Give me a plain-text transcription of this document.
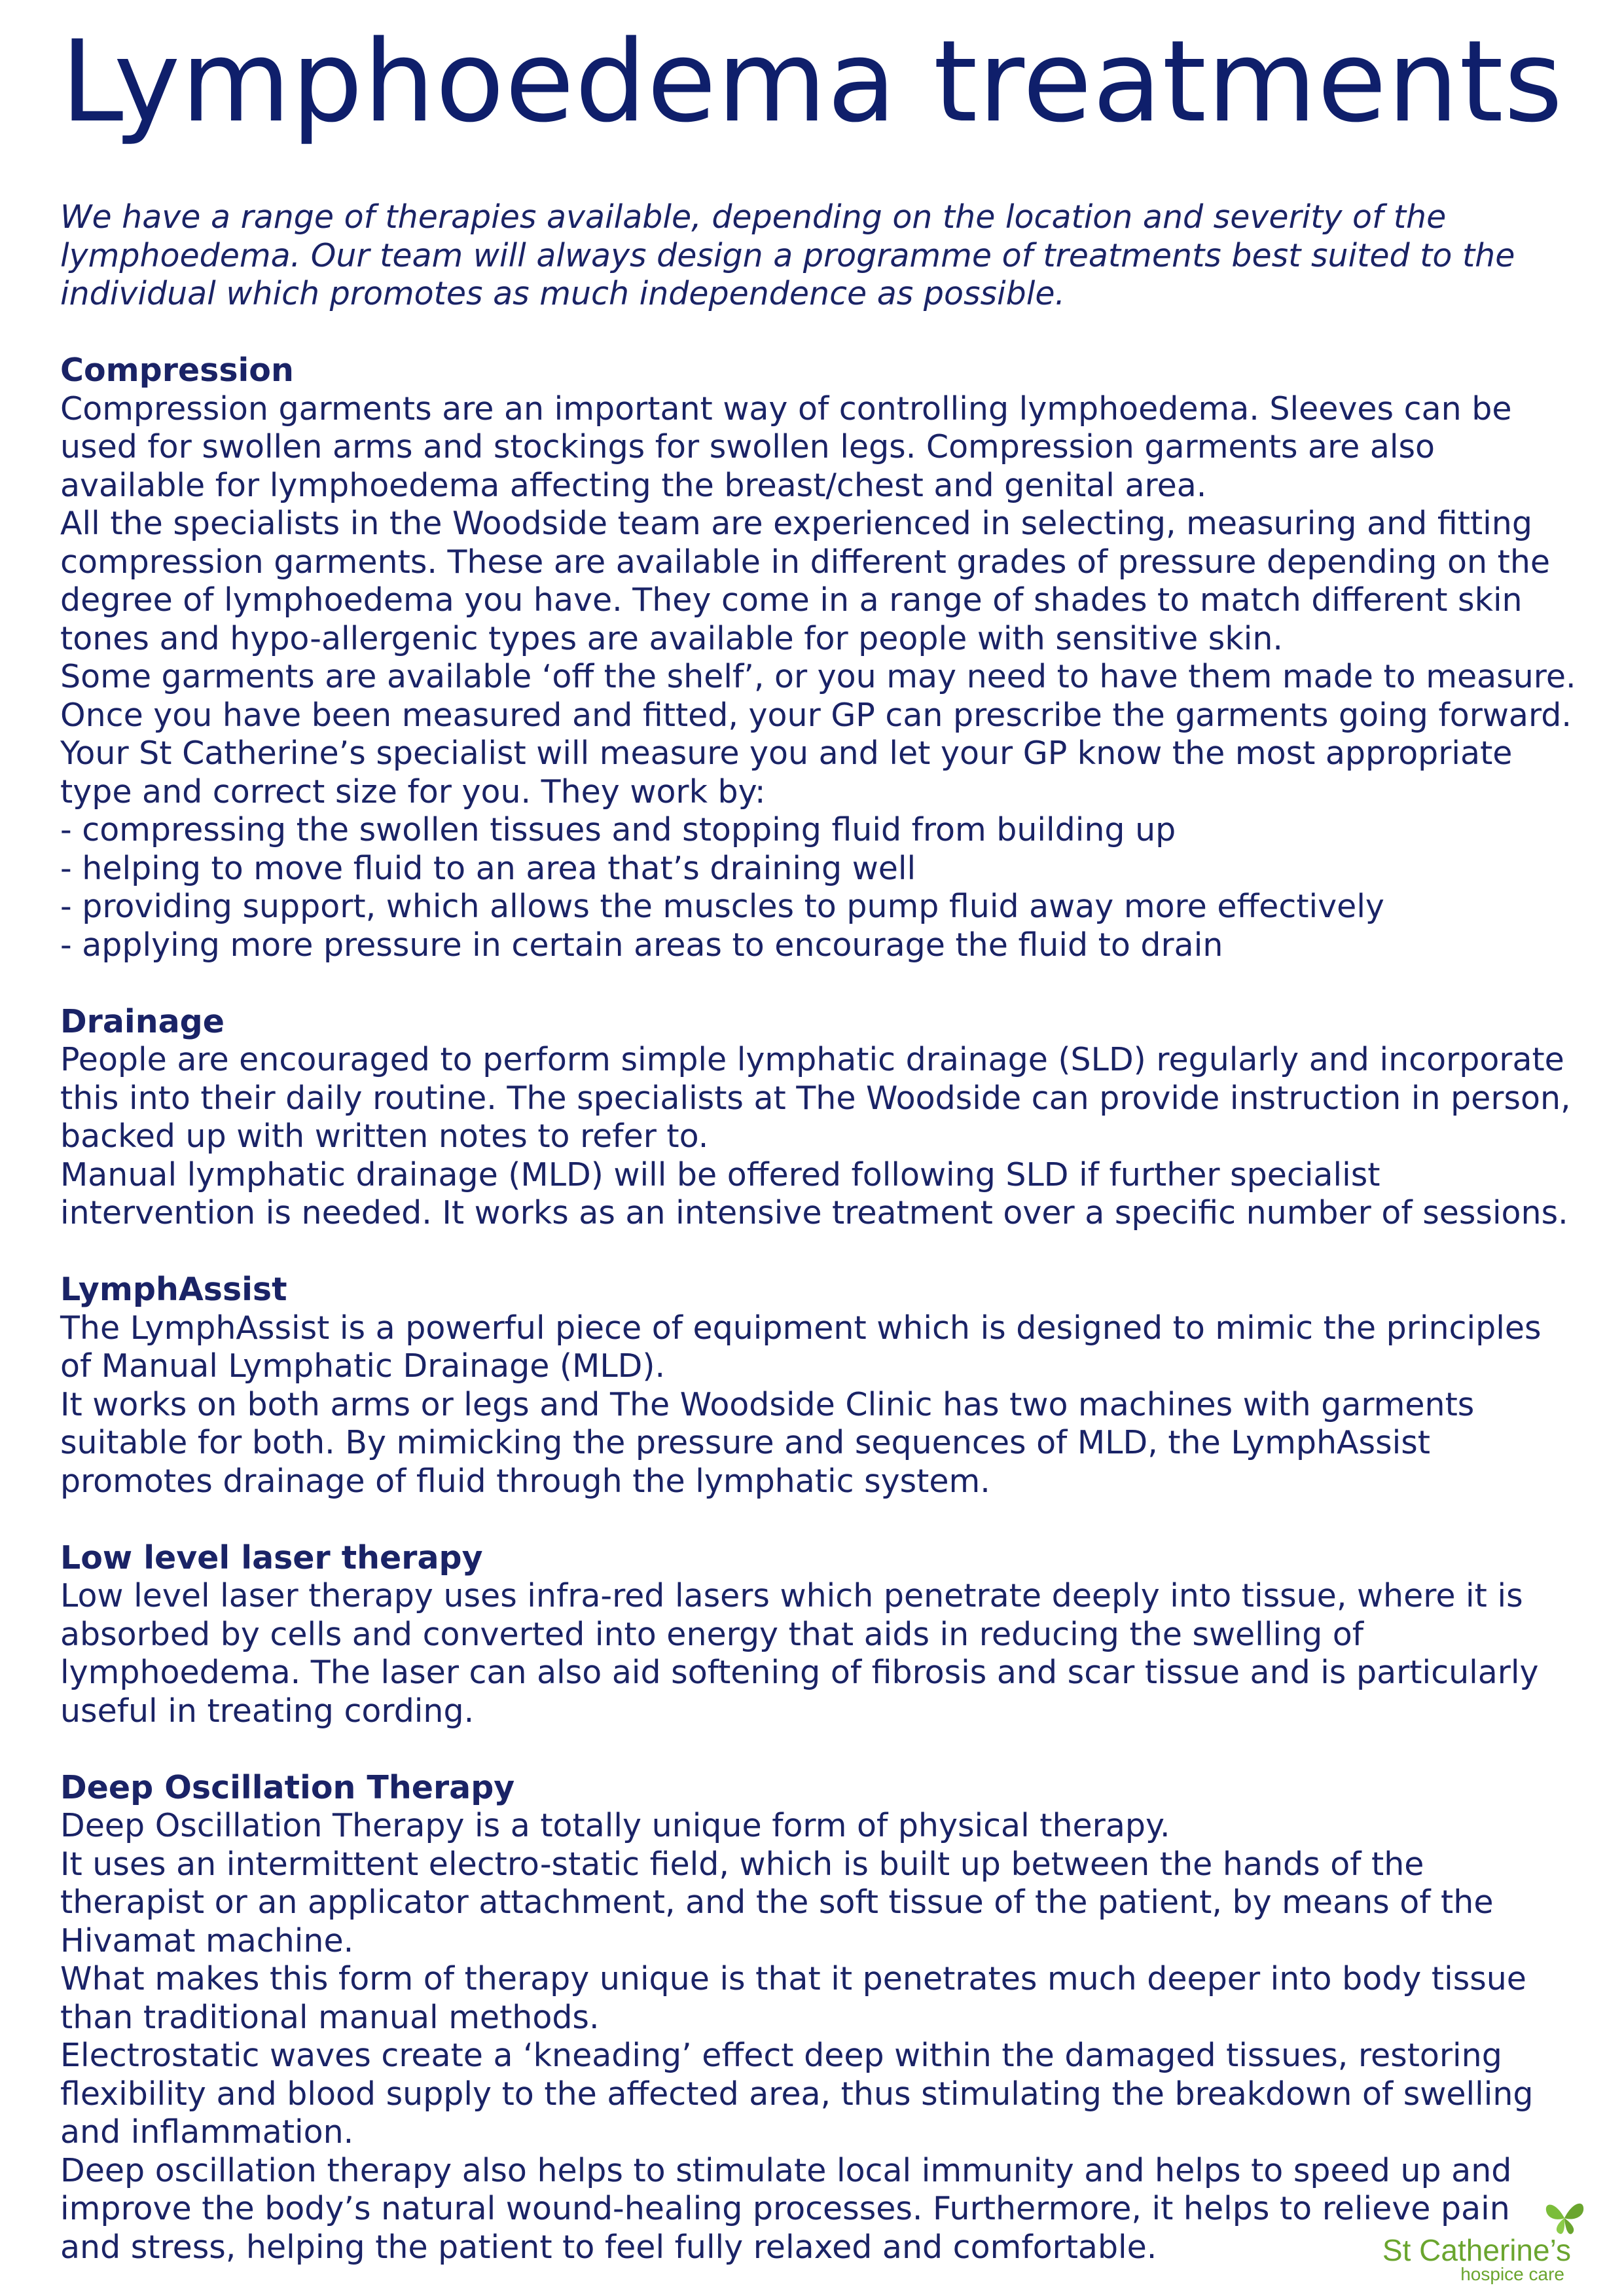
Lymphoedema treatments
We have a range of therapies available, depending on the location and severity of the
lymphoedema. Our team will always design a programme of treatments best suited to the
individual which promotes as much independence as possible.
Compression
Compression garments are an important way of controlling lymphoedema. Sleeves can be
used for swollen arms and stockings for swollen legs. Compression garments are also
available for lymphoedema affecting the breast/chest and genital area.
All the specialists in the Woodside team are experienced in selecting, measuring and fitting
compression garments. These are available in different grades of pressure depending on the
degree of lymphoedema you have. They come in a range of shades to match different skin
tones and hypo-allergenic types are available for people with sensitive skin.
Some garments are available ‘off the shelf’, or you may need to have them made to measure.
Once you have been measured and fitted, your GP can prescribe the garments going forward.
Your St Catherine’s specialist will measure you and let your GP know the most appropriate
type and correct size for you. They work by:
- compressing the swollen tissues and stopping fluid from building up
- helping to move fluid to an area that’s draining well
- providing support, which allows the muscles to pump fluid away more effectively
- applying more pressure in certain areas to encourage the fluid to drain
Drainage
People are encouraged to perform simple lymphatic drainage (SLD) regularly and incorporate
this into their daily routine. The specialists at The Woodside can provide instruction in person,
backed up with written notes to refer to.
Manual lymphatic drainage (MLD) will be offered following SLD if further specialist
intervention is needed. It works as an intensive treatment over a specific number of sessions.
LymphAssist
The LymphAssist is a powerful piece of equipment which is designed to mimic the principles
of Manual Lymphatic Drainage (MLD).
It works on both arms or legs and The Woodside Clinic has two machines with garments
suitable for both. By mimicking the pressure and sequences of MLD, the LymphAssist
promotes drainage of fluid through the lymphatic system.
Low level laser therapy
Low level laser therapy uses infra-red lasers which penetrate deeply into tissue, where it is
absorbed by cells and converted into energy that aids in reducing the swelling of
lymphoedema. The laser can also aid softening of fibrosis and scar tissue and is particularly
useful in treating cording.
Deep Oscillation Therapy
Deep Oscillation Therapy is a totally unique form of physical therapy.
It uses an intermittent electro-static field, which is built up between the hands of the
therapist or an applicator attachment, and the soft tissue of the patient, by means of the
Hivamat machine.
What makes this form of therapy unique is that it penetrates much deeper into body tissue
than traditional manual methods.
Electrostatic waves create a ‘kneading’ effect deep within the damaged tissues, restoring
flexibility and blood supply to the affected area, thus stimulating the breakdown of swelling
and inflammation.
Deep oscillation therapy also helps to stimulate local immunity and helps to speed up and
improve the body’s natural wound-healing processes. Furthermore, it helps to relieve pain
and stress, helping the patient to feel fully relaxed and comfortable.	St Catherine’s
hospice care
